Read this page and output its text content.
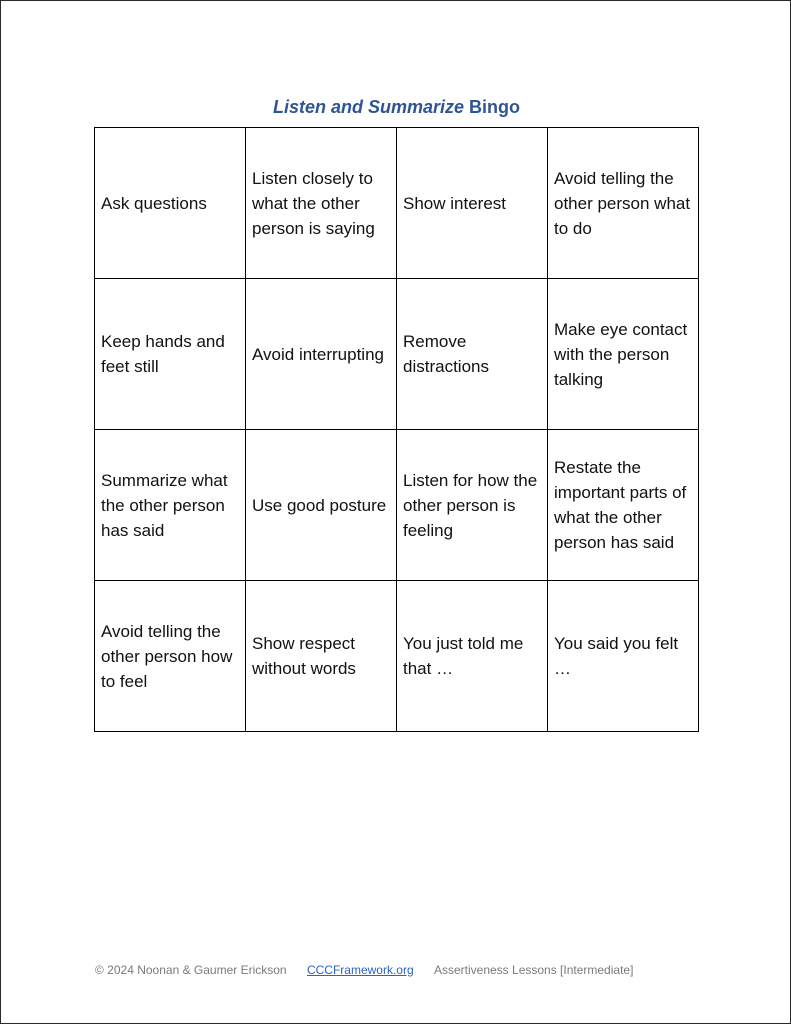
Listen and Summarize Bingo
Ask questions	Listen closely to what the other person is saying	Show interest	Avoid telling the other person what to do
Keep hands and feet still	Avoid interrupting	Remove distractions	Make eye contact with the person talking
Summarize what the other person has said	Use good posture	Listen for how the other person is feeling	Restate the important parts of what the other person has said
Avoid telling the other person how to feel	Show respect without words	You just told me that …	You said you felt …
© 2024 Noonan & Gaumer Erickson CCCFramework.org Assertiveness Lessons [Intermediate]
